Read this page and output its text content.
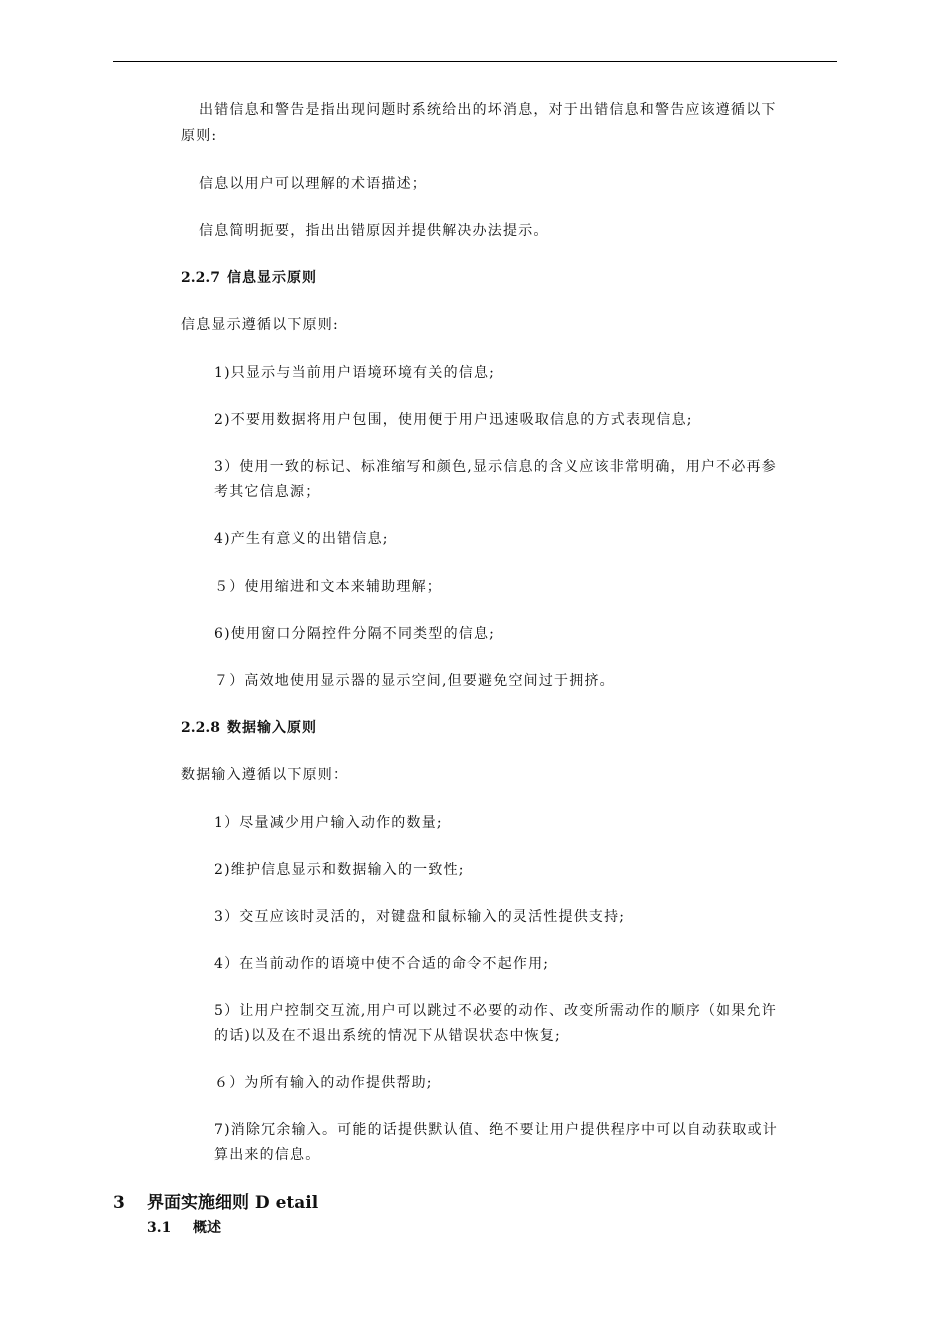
出错信息和警告是指出现问题时系统给出的坏消息，对于出错信息和警告应该遵循以下
原则:
信息以用户可以理解的术语描述；
信息简明扼要，指出出错原因并提供解决办法提示。
2.2.7 信息显示原则
信息显示遵循以下原则:
1)只显示与当前用户语境环境有关的信息;
2)不要用数据将用户包围，使用便于用户迅速吸取信息的方式表现信息;
3）使用一致的标记、标准缩写和颜色,显示信息的含义应该非常明确，用户不必再参
考其它信息源；
4)产生有意义的出错信息;
５）使用缩进和文本来辅助理解；
6)使用窗口分隔控件分隔不同类型的信息;
７）高效地使用显示器的显示空间,但要避免空间过于拥挤。
2.2.8 数据输入原则
数据输入遵循以下原则：
1）尽量减少用户输入动作的数量;
2)维护信息显示和数据输入的一致性;
3）交互应该时灵活的，对键盘和鼠标输入的灵活性提供支持;
4）在当前动作的语境中使不合适的命令不起作用;
5）让用户控制交互流,用户可以跳过不必要的动作、改变所需动作的顺序（如果允许
的话)以及在不退出系统的情况下从错误状态中恢复;
６）为所有输入的动作提供帮助;
7)消除冗余输入。可能的话提供默认值、绝不要让用户提供程序中可以自动获取或计
算出来的信息。
3 界面实施细则 D etail
3.1 概述
